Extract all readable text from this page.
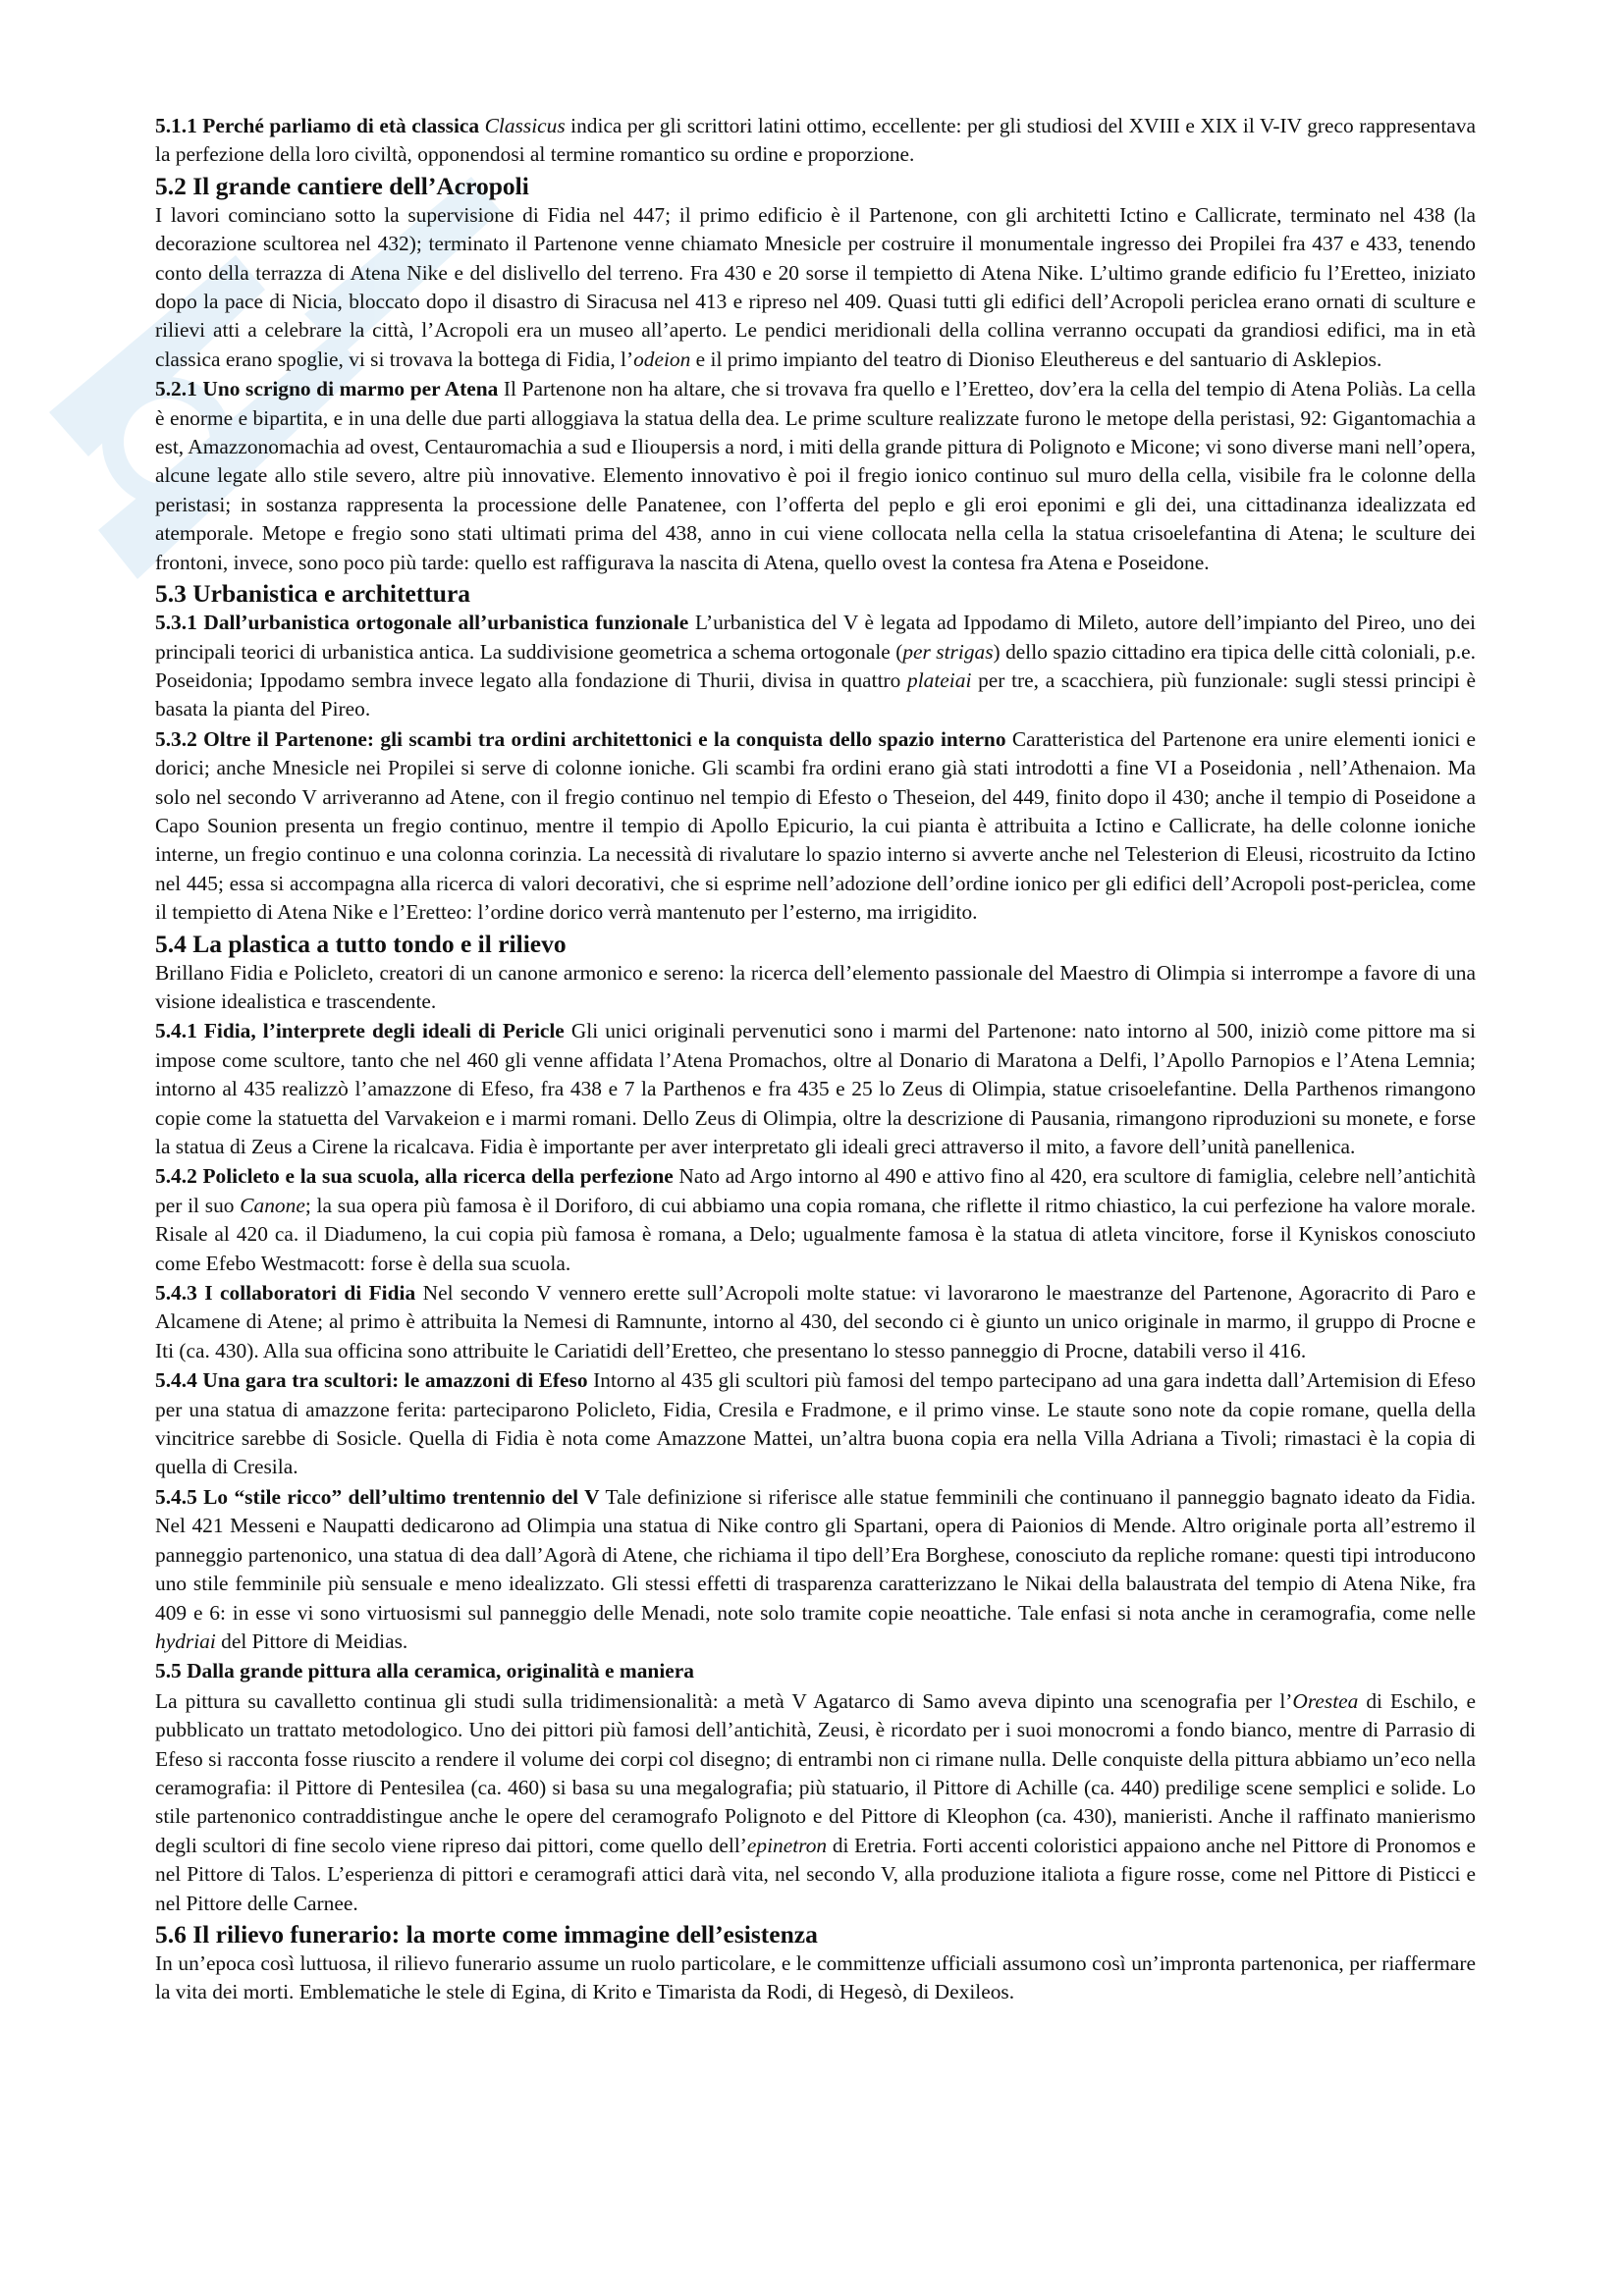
5.1.1 Perché parliamo di età classica Classicus indica per gli scrittori latini ottimo, eccellente: per gli studiosi del XVIII e XIX il V-IV greco rappresentava la perfezione della loro civiltà, opponendosi al termine romantico su ordine e proporzione.

5.2 Il grande cantiere dell’Acropoli

I lavori cominciano sotto la supervisione di Fidia nel 447; il primo edificio è il Partenone, con gli architetti Ictino e Callicrate, terminato nel 438 (la decorazione scultorea nel 432); terminato il Partenone venne chiamato Mnesicle per costruire il monumentale ingresso dei Propilei fra 437 e 433, tenendo conto della terrazza di Atena Nike e del dislivello del terreno. Fra 430 e 20 sorse il tempietto di Atena Nike. L’ultimo grande edificio fu l’Eretteo, iniziato dopo la pace di Nicia, bloccato dopo il disastro di Siracusa nel 413 e ripreso nel 409. Quasi tutti gli edifici dell’Acropoli periclea erano ornati di sculture e rilievi atti a celebrare la città, l’Acropoli era un museo all’aperto. Le pendici meridionali della collina verranno occupati da grandiosi edifici, ma in età classica erano spoglie, vi si trovava la bottega di Fidia, l’odeion e il primo impianto del teatro di Dioniso Eleuthereus e del santuario di Asklepios.

5.2.1 Uno scrigno di marmo per Atena Il Partenone non ha altare, che si trovava fra quello e l’Eretteo, dov’era la cella del tempio di Atena Poliàs. La cella è enorme e bipartita, e in una delle due parti alloggiava la statua della dea. Le prime sculture realizzate furono le metope della peristasi, 92: Gigantomachia a est, Amazzonomachia ad ovest, Centauromachia a sud e Ilioupersis a nord, i miti della grande pittura di Polignoto e Micone; vi sono diverse mani nell’opera, alcune legate allo stile severo, altre più innovative. Elemento innovativo è poi il fregio ionico continuo sul muro della cella, visibile fra le colonne della peristasi; in sostanza rappresenta la processione delle Panatenee, con l’offerta del peplo e gli eroi eponimi e gli dei, una cittadinanza idealizzata ed atemporale. Metope e fregio sono stati ultimati prima del 438, anno in cui viene collocata nella cella la statua crisoelefantina di Atena; le sculture dei frontoni, invece, sono poco più tarde: quello est raffigurava la nascita di Atena, quello ovest la contesa fra Atena e Poseidone.

5.3 Urbanistica e architettura

5.3.1 Dall’urbanistica ortogonale all’urbanistica funzionale L’urbanistica del V è legata ad Ippodamo di Mileto, autore dell’impianto del Pireo, uno dei principali teorici di urbanistica antica. La suddivisione geometrica a schema ortogonale (per strigas) dello spazio cittadino era tipica delle città coloniali, p.e. Poseidonia; Ippodamo sembra invece legato alla fondazione di Thurii, divisa in quattro plateiai per tre, a scacchiera, più funzionale: sugli stessi principi è basata la pianta del Pireo.

5.3.2 Oltre il Partenone: gli scambi tra ordini architettonici e la conquista dello spazio interno Caratteristica del Partenone era unire elementi ionici e dorici; anche Mnesicle nei Propilei si serve di colonne ioniche. Gli scambi fra ordini erano già stati introdotti a fine VI a Poseidonia , nell’Athenaion. Ma solo nel secondo V arriveranno ad Atene, con il fregio continuo nel tempio di Efesto o Theseion, del 449, finito dopo il 430; anche il tempio di Poseidone a Capo Sounion presenta un fregio continuo, mentre il tempio di Apollo Epicurio, la cui pianta è attribuita a Ictino e Callicrate, ha delle colonne ioniche interne, un fregio continuo e una colonna corinzia. La necessità di rivalutare lo spazio interno si avverte anche nel Telesterion di Eleusi, ricostruito da Ictino nel 445; essa si accompagna alla ricerca di valori decorativi, che si esprime nell’adozione dell’ordine ionico per gli edifici dell’Acropoli post-periclea, come il tempietto di Atena Nike e l’Eretteo: l’ordine dorico verrà mantenuto per l’esterno, ma irrigidito.

5.4 La plastica a tutto tondo e il rilievo

Brillano Fidia e Policleto, creatori di un canone armonico e sereno: la ricerca dell’elemento passionale del Maestro di Olimpia si interrompe a favore di una visione idealistica e trascendente.

5.4.1 Fidia, l’interprete degli ideali di Pericle Gli unici originali pervenutici sono i marmi del Partenone: nato intorno al 500, iniziò come pittore ma si impose come scultore, tanto che nel 460 gli venne affidata l’Atena Promachos, oltre al Donario di Maratona a Delfi, l’Apollo Parnopios e l’Atena Lemnia; intorno al 435 realizzò l’amazzone di Efeso, fra 438 e 7 la Parthenos e fra 435 e 25 lo Zeus di Olimpia, statue crisoelefantine. Della Parthenos rimangono copie come la statuetta del Varvakeion e i marmi romani. Dello Zeus di Olimpia, oltre la descrizione di Pausania, rimangono riproduzioni su monete, e forse la statua di Zeus a Cirene la ricalcava. Fidia è importante per aver interpretato gli ideali greci attraverso il mito, a favore dell’unità panellenica.

5.4.2 Policleto e la sua scuola, alla ricerca della perfezione Nato ad Argo intorno al 490 e attivo fino al 420, era scultore di famiglia, celebre nell’antichità per il suo Canone; la sua opera più famosa è il Doriforo, di cui abbiamo una copia romana, che riflette il ritmo chiastico, la cui perfezione ha valore morale. Risale al 420 ca. il Diadumeno, la cui copia più famosa è romana, a Delo; ugualmente famosa è la statua di atleta vincitore, forse il Kyniskos conosciuto come Efebo Westmacott: forse è della sua scuola.

5.4.3 I collaboratori di Fidia Nel secondo V vennero erette sull’Acropoli molte statue: vi lavorarono le maestranze del Partenone, Agoracrito di Paro e Alcamene di Atene; al primo è attribuita la Nemesi di Ramnunte, intorno al 430, del secondo ci è giunto un unico originale in marmo, il gruppo di Procne e Iti (ca. 430). Alla sua officina sono attribuite le Cariatidi dell’Eretteo, che presentano lo stesso panneggio di Procne, databili verso il 416.

5.4.4 Una gara tra scultori: le amazzoni di Efeso Intorno al 435 gli scultori più famosi del tempo partecipano ad una gara indetta dall’Artemision di Efeso per una statua di amazzone ferita: parteciparono Policleto, Fidia, Cresila e Fradmone, e il primo vinse. Le staute sono note da copie romane, quella della vincitrice sarebbe di Sosicle. Quella di Fidia è nota come Amazzone Mattei, un’altra buona copia era nella Villa Adriana a Tivoli; rimastaci è la copia di quella di Cresila.

5.4.5 Lo “stile ricco” dell’ultimo trentennio del V Tale definizione si riferisce alle statue femminili che continuano il panneggio bagnato ideato da Fidia. Nel 421 Messeni e Naupatti dedicarono ad Olimpia una statua di Nike contro gli Spartani, opera di Paionios di Mende. Altro originale porta all’estremo il panneggio partenonico, una statua di dea dall’Agorà di Atene, che richiama il tipo dell’Era Borghese, conosciuto da repliche romane: questi tipi introducono uno stile femminile più sensuale e meno idealizzato. Gli stessi effetti di trasparenza caratterizzano le Nikai della balaustrata del tempio di Atena Nike, fra 409 e 6: in esse vi sono virtuosismi sul panneggio delle Menadi, note solo tramite copie neoattiche. Tale enfasi si nota anche in ceramografia, come nelle hydriai del Pittore di Meidias.

5.5 Dalla grande pittura alla ceramica, originalità e maniera

La pittura su cavalletto continua gli studi sulla tridimensionalità: a metà V Agatarco di Samo aveva dipinto una scenografia per l’Orestea di Eschilo, e pubblicato un trattato metodologico. Uno dei pittori più famosi dell’antichità, Zeusi, è ricordato per i suoi monocromi a fondo bianco, mentre di Parrasio di Efeso si racconta fosse riuscito a rendere il volume dei corpi col disegno; di entrambi non ci rimane nulla. Delle conquiste della pittura abbiamo un’eco nella ceramografia: il Pittore di Pentesilea (ca. 460) si basa su una megalografia; più statuario, il Pittore di Achille (ca. 440) predilige scene semplici e solide. Lo stile partenonico contraddistingue anche le opere del ceramografo Polignoto e del Pittore di Kleophon (ca. 430), manieristi. Anche il raffinato manierismo degli scultori di fine secolo viene ripreso dai pittori, come quello dell’epinetron di Eretria. Forti accenti coloristici appaiono anche nel Pittore di Pronomos e nel Pittore di Talos. L’esperienza di pittori e ceramografi attici darà vita, nel secondo V, alla produzione italiota a figure rosse, come nel Pittore di Pisticci e nel Pittore delle Carnee.

5.6 Il rilievo funerario: la morte come immagine dell’esistenza

In un’epoca così luttuosa, il rilievo funerario assume un ruolo particolare, e le committenze ufficiali assumono così un’impronta partenonica, per riaffermare la vita dei morti. Emblematiche le stele di Egina, di Krito e Timarista da Rodi, di Hegesò, di Dexileos.
